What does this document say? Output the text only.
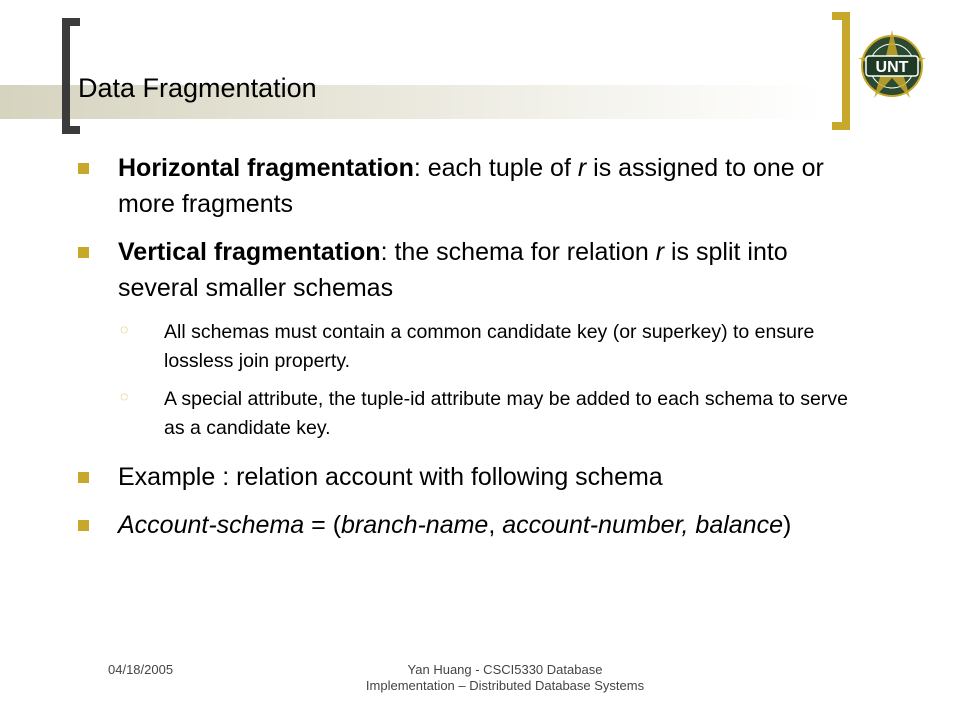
Data Fragmentation
UNT
Horizontal fragmentation: each tuple of r is assigned to one or more fragments
Vertical fragmentation: the schema for relation r is split into several smaller schemas
◌ All schemas must contain a common candidate key (or superkey) to ensure lossless join property.
◌ A special attribute, the tuple-id attribute may be added to each schema to serve as a candidate key.
Example : relation account with following schema
Account-schema = (branch-name, account-number, balance)
04/18/2005	Yan Huang - CSCI5330 Database
Implementation – Distributed Database Systems
